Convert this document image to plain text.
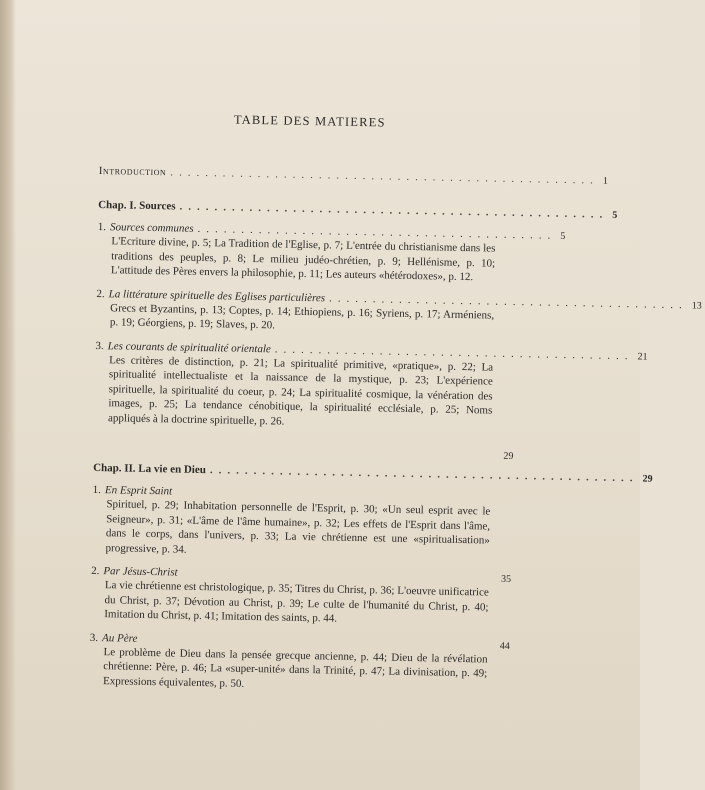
TABLE DES MATIERES
Introduction ................................................. 1
Chap. I. Sources ................................................. 5
1. Sources communes ......................................... 5
L'Ecriture divine, p. 5; La Tradition de l'Eglise, p. 7; L'entrée du christianisme dans les traditions des peuples, p. 8; Le milieu judéo-chrétien, p. 9; Hellénisme, p. 10; L'attitude des Pères envers la philosophie, p. 11; Les auteurs «hétérodoxes», p. 12.
2. La littérature spirituelle des Eglises particulières ......................................... 13
Grecs et Byzantins, p. 13; Coptes, p. 14; Ethiopiens, p. 16; Syriens, p. 17; Arméniens, p. 19; Géorgiens, p. 19; Slaves, p. 20.
3. Les courants de spiritualité orientale ......................................... 21
Les critères de distinction, p. 21; La spiritualité primitive, «pratique», p. 22; La spiritualité intellectualiste et la naissance de la mystique, p. 23; L'expérience spirituelle, la spiritualité du coeur, p. 24; La spiritualité cosmique, la vénération des images, p. 25; La tendance cénobitique, la spiritualité ecclésiale, p. 25; Noms appliqués à la doctrine spirituelle, p. 26.
29
Chap. II. La vie en Dieu ................................................. 29
1. En Esprit Saint
Spirituel, p. 29; Inhabitation personnelle de l'Esprit, p. 30; «Un seul esprit avec le Seigneur», p. 31; «L'âme de l'âme humaine», p. 32; Les effets de l'Esprit dans l'âme, dans le corps, dans l'univers, p. 33; La vie chrétienne est une «spiritualisation» progressive, p. 34.
2. Par Jésus-Christ
35
La vie chrétienne est christologique, p. 35; Titres du Christ, p. 36; L'oeuvre unificatrice du Christ, p. 37; Dévotion au Christ, p. 39; Le culte de l'humanité du Christ, p. 40; Imitation du Christ, p. 41; Imitation des saints, p. 44.
3. Au Père
44
Le problème de Dieu dans la pensée grecque ancienne, p. 44; Dieu de la révélation chrétienne: Père, p. 46; La «super-unité» dans la Trinité, p. 47; La divinisation, p. 49; Expressions équivalentes, p. 50.
